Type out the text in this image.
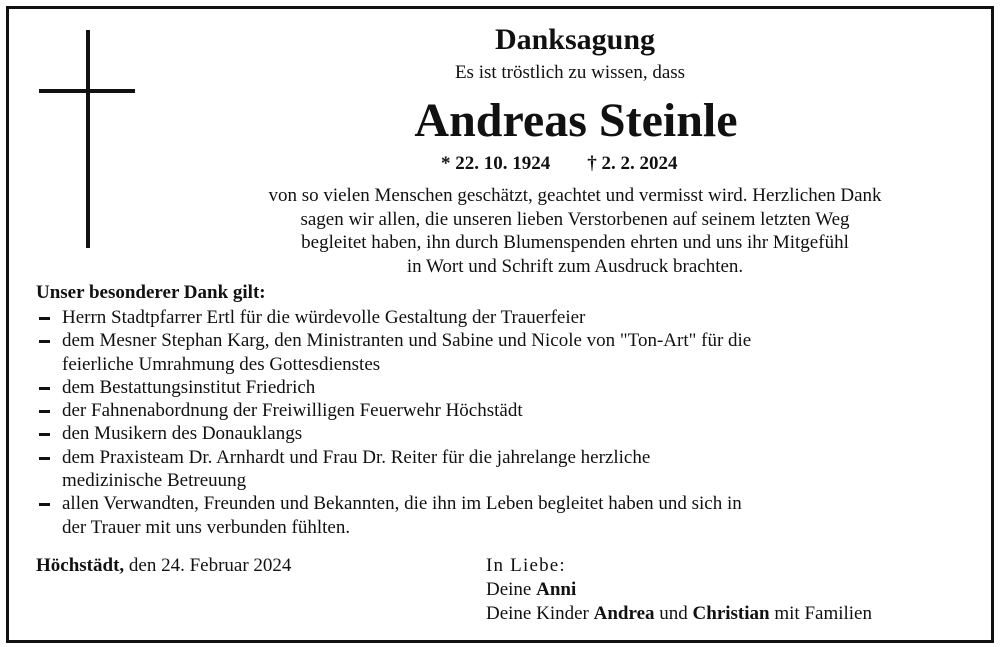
Danksagung
Es ist tröstlich zu wissen, dass
Andreas Steinle
* 22. 10. 1924 † 2. 2. 2024
von so vielen Menschen geschätzt, geachtet und vermisst wird. Herzlichen Dank
sagen wir allen, die unseren lieben Verstorbenen auf seinem letzten Weg
begleitet haben, ihn durch Blumenspenden ehrten und uns ihr Mitgefühl
in Wort und Schrift zum Ausdruck brachten.
Unser besonderer Dank gilt:
Herrn Stadtpfarrer Ertl für die würdevolle Gestaltung der Trauerfeier
dem Mesner Stephan Karg, den Ministranten und Sabine und Nicole von "Ton-Art" für die
feierliche Umrahmung des Gottesdienstes
dem Bestattungsinstitut Friedrich
der Fahnenabordnung der Freiwilligen Feuerwehr Höchstädt
den Musikern des Donauklangs
dem Praxisteam Dr. Arnhardt und Frau Dr. Reiter für die jahrelange herzliche
medizinische Betreuung
allen Verwandten, Freunden und Bekannten, die ihn im Leben begleitet haben und sich in
der Trauer mit uns verbunden fühlten.
Höchstädt, den 24. Februar 2024	In Liebe:
Deine Anni
Deine Kinder Andrea und Christian mit Familien
